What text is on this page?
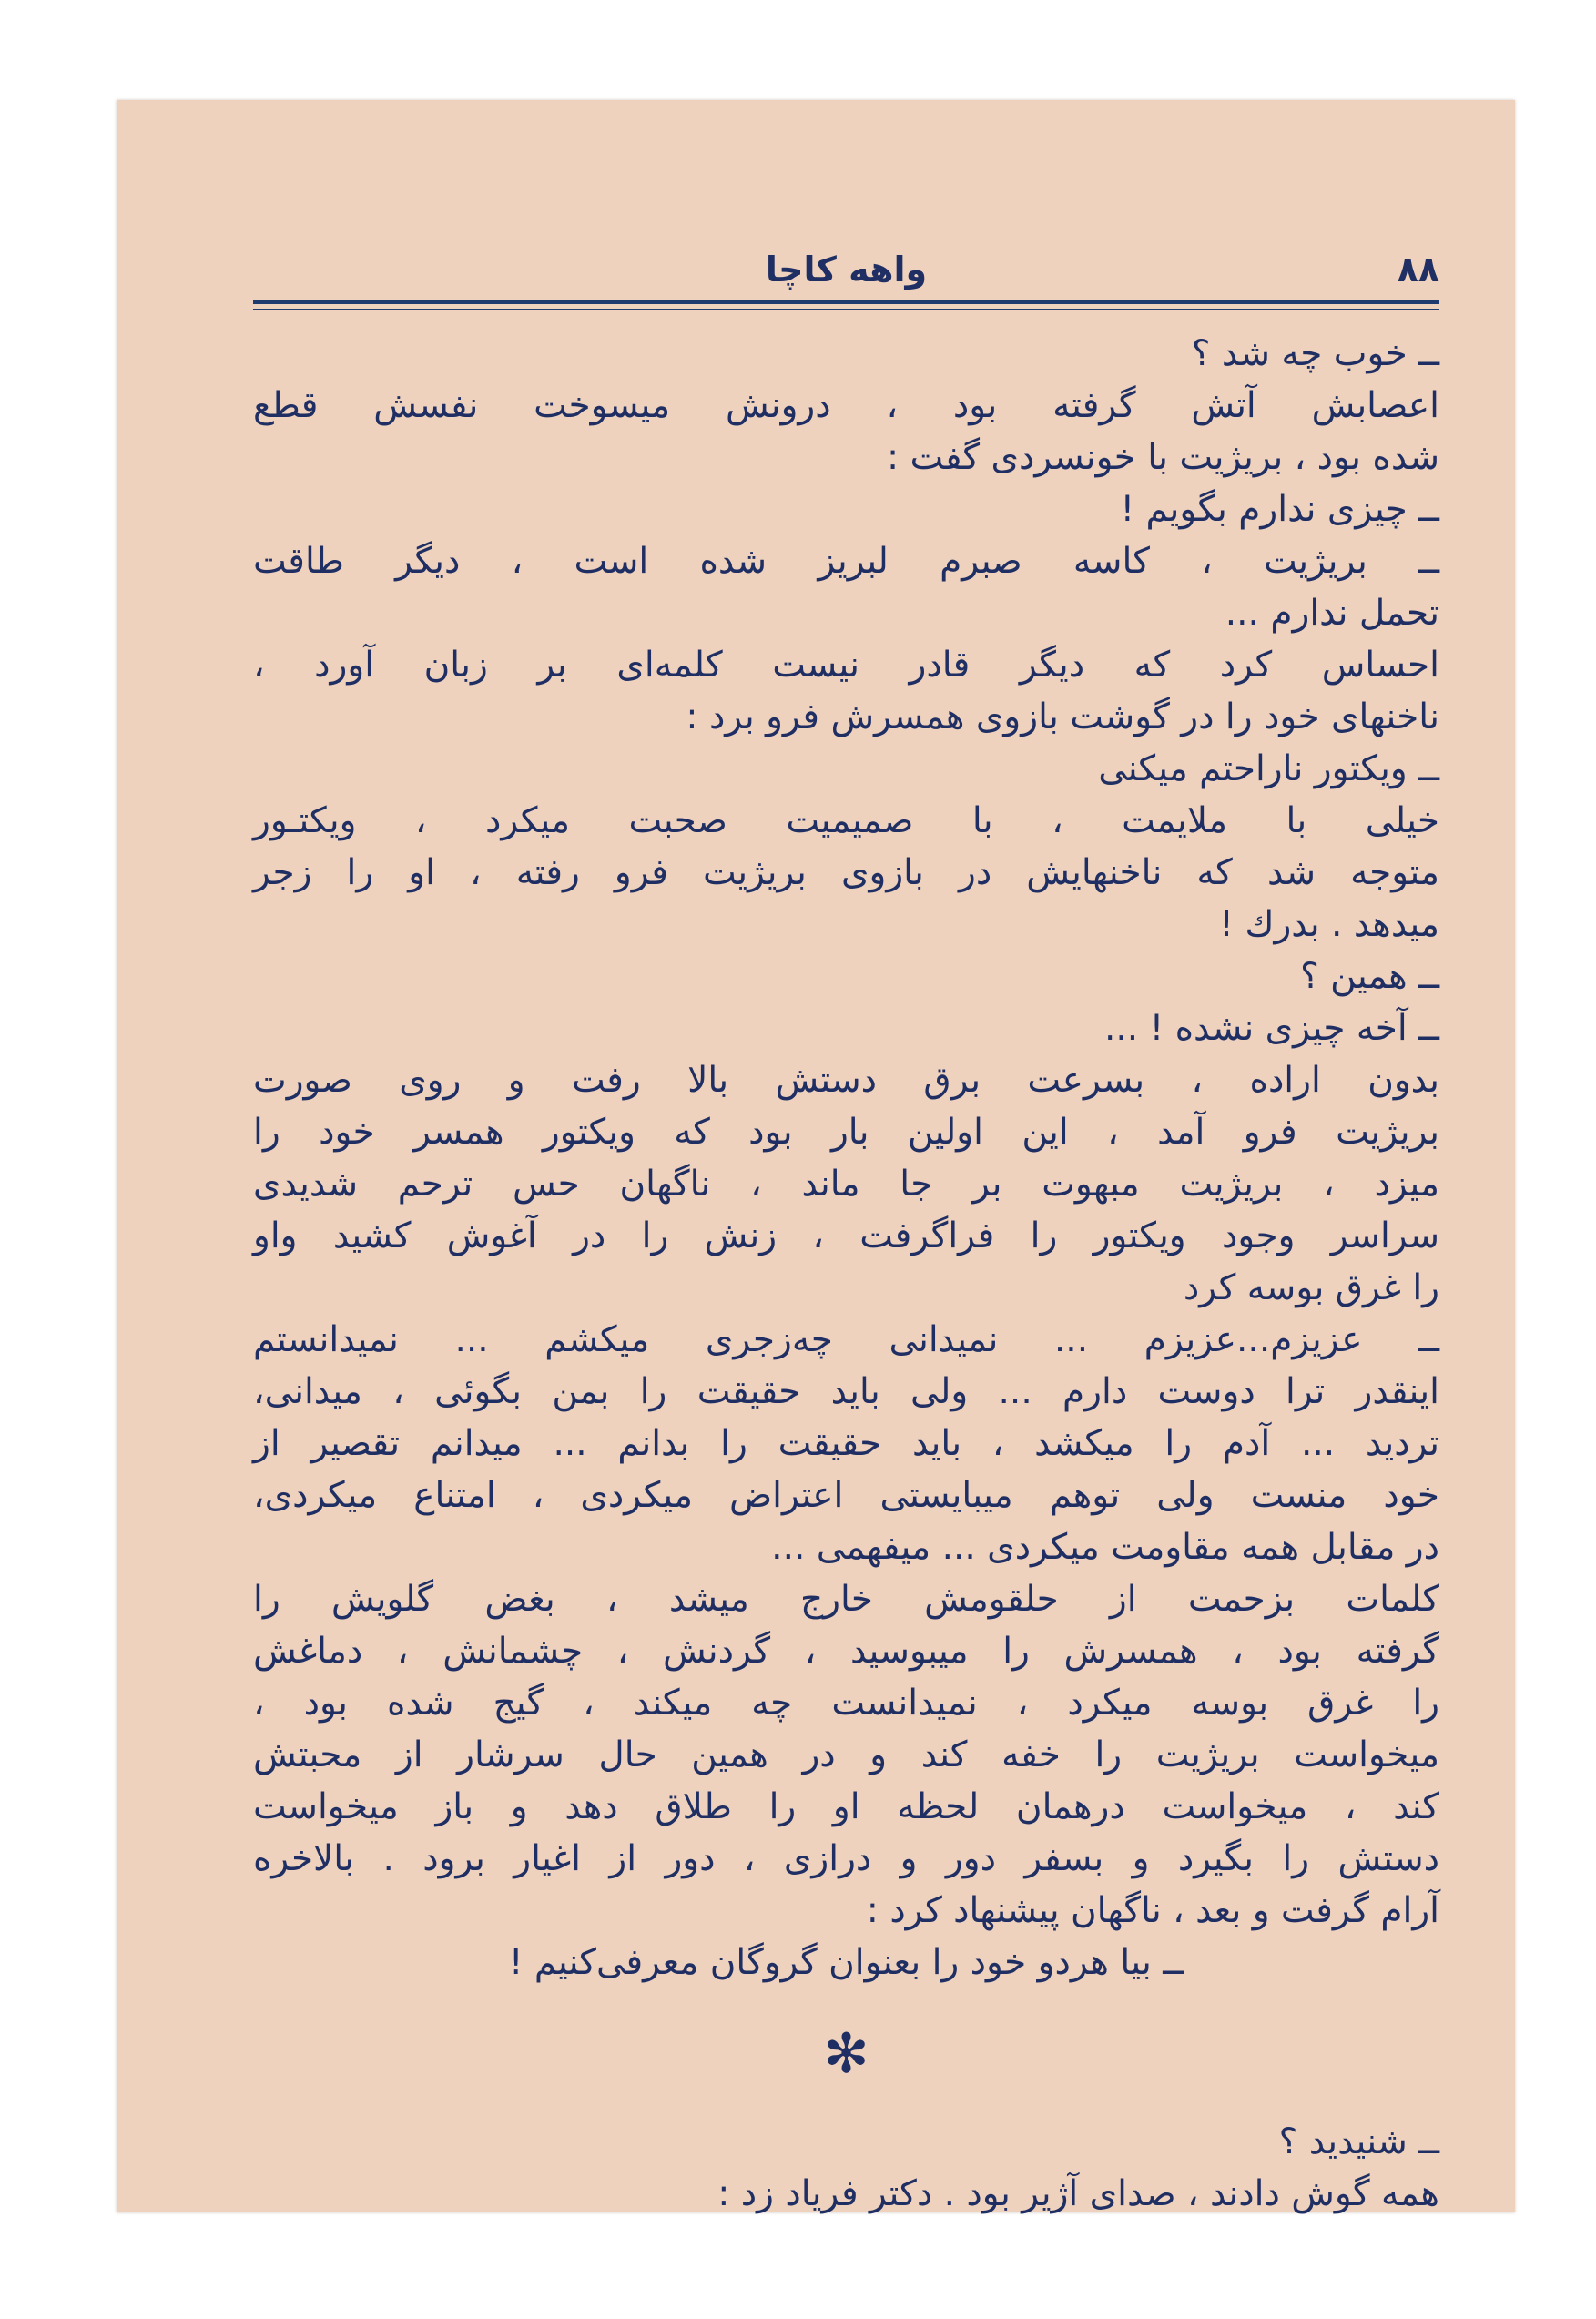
۸۸
واهه کاچا
ــ خوب چه شد ؟
اعصابش آتش گرفته بود ، درونش میسوخت نفسش قطع
شده بود ، بریژیت با خونسردی گفت :
ــ چیزی ندارم بگویم !
ــ بریژیت ، کاسه صبرم لبریز شده است ، دیگر طاقت
تحمل ندارم ...
احساس کرد که دیگر قادر نیست کلمه‌ای بر زبان آورد ،
ناخنهای خود را در گوشت بازوی همسرش فرو برد :
ــ ویکتور ناراحتم میکنی
خیلی با ملایمت ، با صمیمیت صحبت میکرد ، ویکتـور
متوجه شد که ناخنهایش در بازوی بریژیت فرو رفته ، او را زجر
میدهد . بدرك !
ــ همین ؟
ــ آخه چیزی نشده ! ...
بدون اراده ، بسرعت برق دستش بالا رفت و روی صورت
بریژیت فرو آمد ، این اولین بار بود که ویکتور همسر خود را
میزد ، بریژیت مبهوت بر جا ماند ، ناگهان حس ترحم شدیدی
سراسر وجود ویکتور را فراگرفت ، زنش را در آغوش کشید واو
را غرق بوسه کرد
ــ عزیزم...عزیزم ... نمیدانی چه‌زجری میکشم ... نمیدانستم
اینقدر ترا دوست دارم ... ولی باید حقیقت را بمن بگوئی ، میدانی،
تردید ... آدم را میکشد ، باید حقیقت را بدانم ... میدانم تقصیر از
خود منست ولی توهم میبایستی اعتراض میکردی ، امتناع میکردی،
در مقابل همه مقاومت میکردی ... میفهمی ...
کلمات بزحمت از حلقومش خارج میشد ، بغض گلویش را
گرفته بود ، همسرش را میبوسید ، گردنش ، چشمانش ، دماغش
را غرق بوسه میکرد ، نمیدانست چه میکند ، گیج شده بود ،
میخواست بریژیت را خفه کند و در همین حال سرشار از محبتش
کند ، میخواست درهمان لحظه او را طلاق دهد و باز میخواست
دستش را بگیرد و بسفر دور و درازی ، دور از اغیار برود . بالاخره
آرام گرفت و بعد ، ناگهان پیشنهاد کرد :
ــ بیا هردو خود را بعنوان گروگان معرفی‌کنیم !
✻
ــ شنیدید ؟
همه گوش دادند ، صدای آژیر بود . دکتر فریاد زد :
